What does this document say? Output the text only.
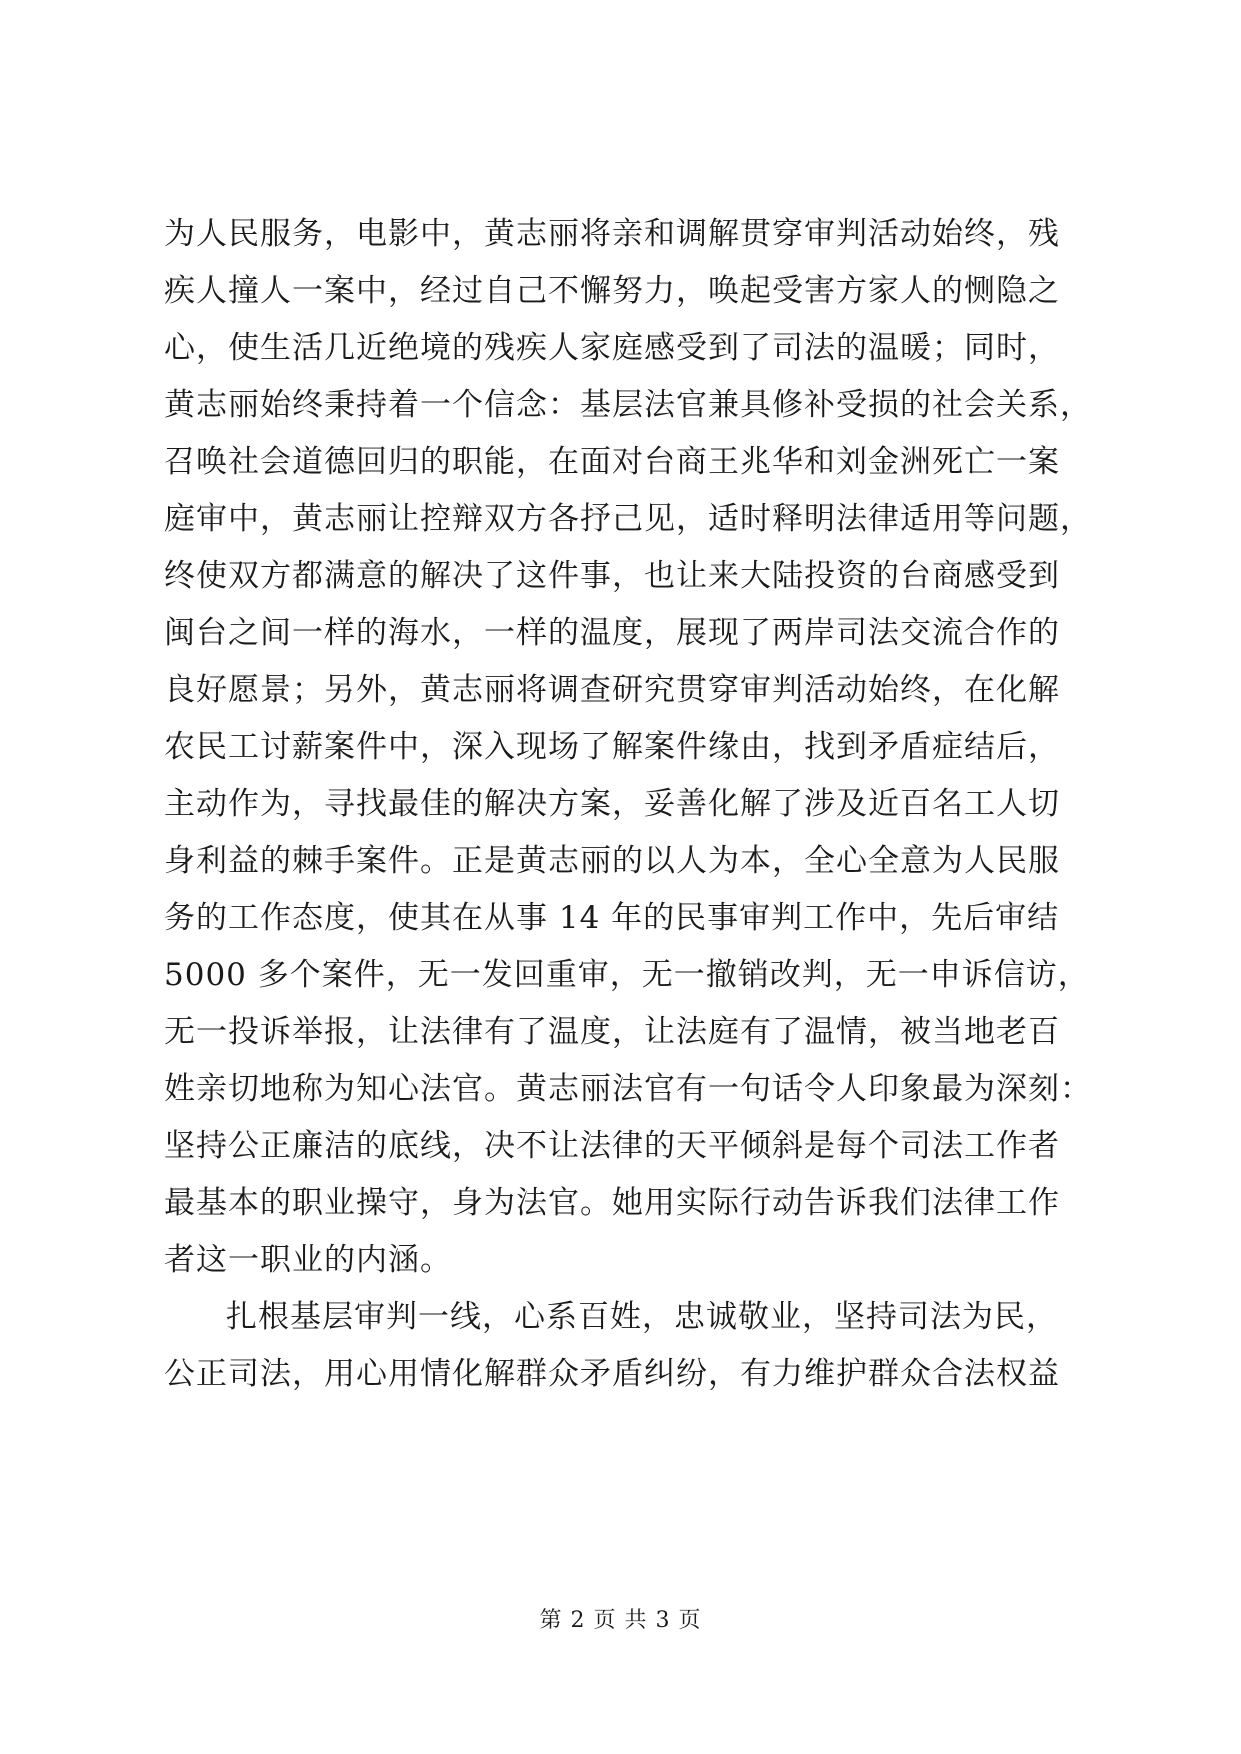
为人民服务，电影中，黄志丽将亲和调解贯穿审判活动始终，残
疾人撞人一案中，经过自己不懈努力，唤起受害方家人的恻隐之
心，使生活几近绝境的残疾人家庭感受到了司法的温暖；同时，
黄志丽始终秉持着一个信念：基层法官兼具修补受损的社会关系，
召唤社会道德回归的职能，在面对台商王兆华和刘金洲死亡一案
庭审中，黄志丽让控辩双方各抒己见，适时释明法律适用等问题，
终使双方都满意的解决了这件事，也让来大陆投资的台商感受到
闽台之间一样的海水，一样的温度，展现了两岸司法交流合作的
良好愿景；另外，黄志丽将调查研究贯穿审判活动始终，在化解
农民工讨薪案件中，深入现场了解案件缘由，找到矛盾症结后，
主动作为，寻找最佳的解决方案，妥善化解了涉及近百名工人切
身利益的棘手案件。正是黄志丽的以人为本，全心全意为人民服
务的工作态度，使其在从事 14 年的民事审判工作中，先后审结
5000 多个案件，无一发回重审，无一撤销改判，无一申诉信访，
无一投诉举报，让法律有了温度，让法庭有了温情，被当地老百
姓亲切地称为知心法官。黄志丽法官有一句话令人印象最为深刻：
坚持公正廉洁的底线，决不让法律的天平倾斜是每个司法工作者
最基本的职业操守，身为法官。她用实际行动告诉我们法律工作
者这一职业的内涵。
扎根基层审判一线，心系百姓，忠诚敬业，坚持司法为民，
公正司法，用心用情化解群众矛盾纠纷，有力维护群众合法权益
第 2 页 共 3 页
